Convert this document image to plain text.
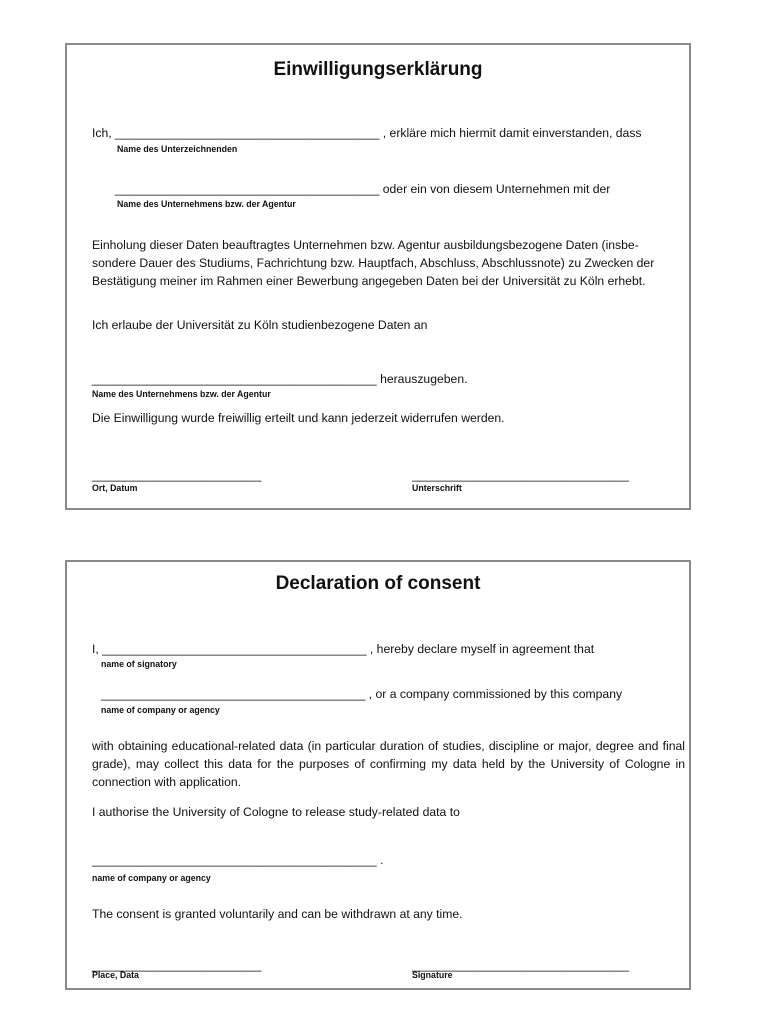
Einwilligungserklärung

Ich, _______________________________________ , erkläre mich hiermit damit einverstanden, dass

Name des Unterzeichnenden

_______________________________________ oder ein von diesem Unternehmen mit der

Name des Unternehmens bzw. der Agentur

Einholung dieser Daten beauftragtes Unternehmen bzw. Agentur ausbildungsbezogene Daten (insbe-sondere Dauer des Studiums, Fachrichtung bzw. Hauptfach, Abschluss, Abschlussnote) zu Zwecken der Bestätigung meiner im Rahmen einer Bewerbung angegeben Daten bei der Universität zu Köln erhebt.

Ich erlaube der Universität zu Köln studienbezogene Daten an

__________________________________________ herauszugeben.

Name des Unternehmens bzw. der Agentur

Die Einwilligung wurde freiwillig erteilt und kann jederzeit widerrufen werden.

_________________________

Ort, Datum

________________________________

Unterschrift

Declaration of consent

I, _______________________________________ , hereby declare myself in agreement that

name of signatory

_______________________________________ , or a company commissioned by this company

name of company or agency

with obtaining educational-related data (in particular duration of studies, discipline or major, degree and final grade), may collect this data for the purposes of confirming my data held by the University of Cologne in connection with application.

I authorise the University of Cologne to release study-related data to

__________________________________________ .

name of company or agency

The consent is granted voluntarily and can be withdrawn at any time.

_________________________

Place, Data

________________________________

Signature
